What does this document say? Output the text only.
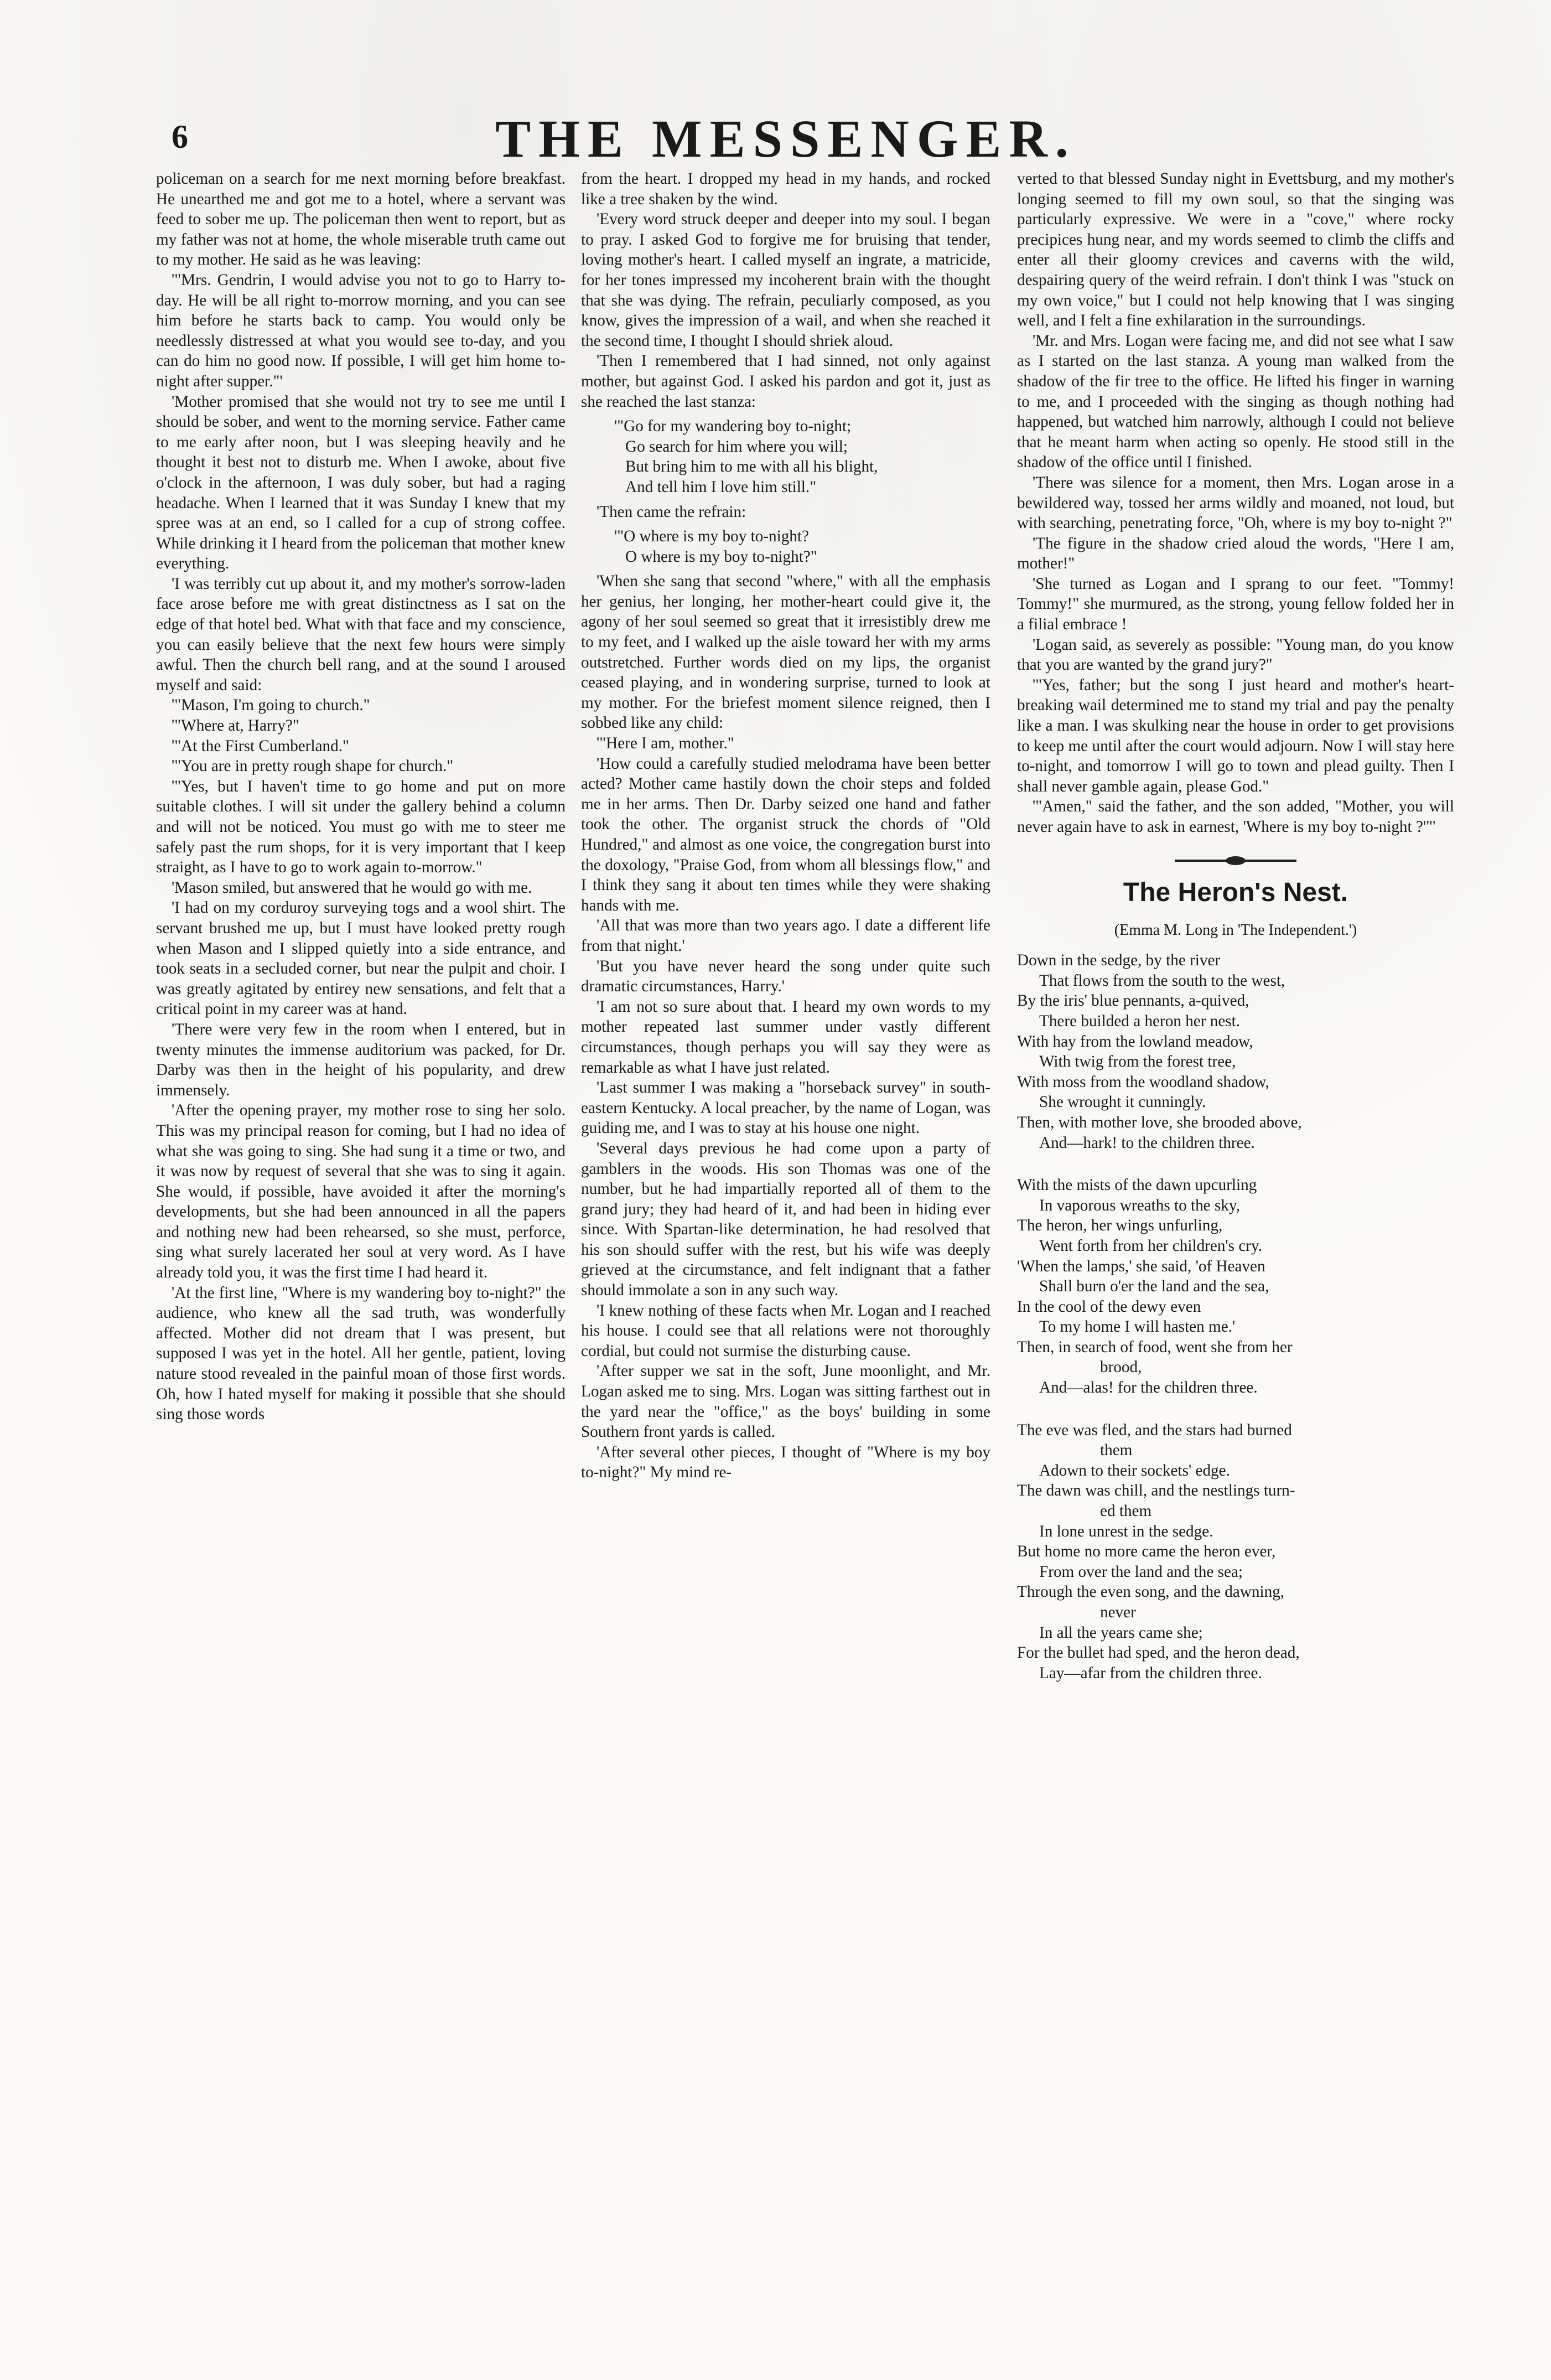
6	THE MESSENGER.

policeman on a search for me next morning before breakfast. He unearthed me and got me to a hotel, where a servant was feed to sober me up. The policeman then went to report, but as my father was not at home, the whole miserable truth came out to my mother. He said as he was leaving:

'"Mrs. Gendrin, I would advise you not to go to Harry to-day. He will be all right to-morrow morning, and you can see him before he starts back to camp. You would only be needlessly distressed at what you would see to-day, and you can do him no good now. If possible, I will get him home to-night after supper."'

'Mother promised that she would not try to see me until I should be sober, and went to the morning service. Father came to me early after noon, but I was sleeping heavily and he thought it best not to disturb me. When I awoke, about five o'clock in the afternoon, I was duly sober, but had a raging headache. When I learned that it was Sunday I knew that my spree was at an end, so I called for a cup of strong coffee. While drinking it I heard from the policeman that mother knew everything.

'I was terribly cut up about it, and my mother's sorrow-laden face arose before me with great distinctness as I sat on the edge of that hotel bed. What with that face and my conscience, you can easily believe that the next few hours were simply awful. Then the church bell rang, and at the sound I aroused myself and said:

'"Mason, I'm going to church."

'"Where at, Harry?"

'"At the First Cumberland."

'"You are in pretty rough shape for church."

'"Yes, but I haven't time to go home and put on more suitable clothes. I will sit under the gallery behind a column and will not be noticed. You must go with me to steer me safely past the rum shops, for it is very important that I keep straight, as I have to go to work again to-morrow."

'Mason smiled, but answered that he would go with me.

'I had on my corduroy surveying togs and a wool shirt. The servant brushed me up, but I must have looked pretty rough when Mason and I slipped quietly into a side entrance, and took seats in a secluded corner, but near the pulpit and choir. I was greatly agitated by entirey new sensations, and felt that a critical point in my career was at hand.

'There were very few in the room when I entered, but in twenty minutes the immense auditorium was packed, for Dr. Darby was then in the height of his popularity, and drew immensely.

'After the opening prayer, my mother rose to sing her solo. This was my principal reason for coming, but I had no idea of what she was going to sing. She had sung it a time or two, and it was now by request of several that she was to sing it again. She would, if possible, have avoided it after the morning's developments, but she had been announced in all the papers and nothing new had been rehearsed, so she must, perforce, sing what surely lacerated her soul at very word. As I have already told you, it was the first time I had heard it.

'At the first line, "Where is my wandering boy to-night?" the audience, who knew all the sad truth, was wonderfully affected. Mother did not dream that I was present, but supposed I was yet in the hotel. All her gentle, patient, loving nature stood revealed in the painful moan of those first words. Oh, how I hated myself for making it possible that she should sing those words

from the heart. I dropped my head in my hands, and rocked like a tree shaken by the wind.

'Every word struck deeper and deeper into my soul. I began to pray. I asked God to forgive me for bruising that tender, loving mother's heart. I called myself an ingrate, a matricide, for her tones impressed my incoherent brain with the thought that she was dying. The refrain, peculiarly composed, as you know, gives the impression of a wail, and when she reached it the second time, I thought I should shriek aloud.

'Then I remembered that I had sinned, not only against mother, but against God. I asked his pardon and got it, just as she reached the last stanza:

'"Go for my wandering boy to-night;
Go search for him where you will;
But bring him to me with all his blight,
And tell him I love him still."

'Then came the refrain:

'"O where is my boy to-night?
O where is my boy to-night?"

'When she sang that second "where," with all the emphasis her genius, her longing, her mother-heart could give it, the agony of her soul seemed so great that it irresistibly drew me to my feet, and I walked up the aisle toward her with my arms outstretched. Further words died on my lips, the organist ceased playing, and in wondering surprise, turned to look at my mother. For the briefest moment silence reigned, then I sobbed like any child:

'"Here I am, mother."

'How could a carefully studied melodrama have been better acted? Mother came hastily down the choir steps and folded me in her arms. Then Dr. Darby seized one hand and father took the other. The organist struck the chords of "Old Hundred," and almost as one voice, the congregation burst into the doxology, "Praise God, from whom all blessings flow," and I think they sang it about ten times while they were shaking hands with me.

'All that was more than two years ago. I date a different life from that night.'

'But you have never heard the song under quite such dramatic circumstances, Harry.'

'I am not so sure about that. I heard my own words to my mother repeated last summer under vastly different circumstances, though perhaps you will say they were as remarkable as what I have just related.

'Last summer I was making a "horseback survey" in south-eastern Kentucky. A local preacher, by the name of Logan, was guiding me, and I was to stay at his house one night.

'Several days previous he had come upon a party of gamblers in the woods. His son Thomas was one of the number, but he had impartially reported all of them to the grand jury; they had heard of it, and had been in hiding ever since. With Spartan-like determination, he had resolved that his son should suffer with the rest, but his wife was deeply grieved at the circumstance, and felt indignant that a father should immolate a son in any such way.

'I knew nothing of these facts when Mr. Logan and I reached his house. I could see that all relations were not thoroughly cordial, but could not surmise the disturbing cause.

'After supper we sat in the soft, June moonlight, and Mr. Logan asked me to sing. Mrs. Logan was sitting farthest out in the yard near the "office," as the boys' building in some Southern front yards is called.

'After several other pieces, I thought of "Where is my boy to-night?" My mind re-

verted to that blessed Sunday night in Evettsburg, and my mother's longing seemed to fill my own soul, so that the singing was particularly expressive. We were in a "cove," where rocky precipices hung near, and my words seemed to climb the cliffs and enter all their gloomy crevices and caverns with the wild, despairing query of the weird refrain. I don't think I was "stuck on my own voice," but I could not help knowing that I was singing well, and I felt a fine exhilaration in the surroundings.

'Mr. and Mrs. Logan were facing me, and did not see what I saw as I started on the last stanza. A young man walked from the shadow of the fir tree to the office. He lifted his finger in warning to me, and I proceeded with the singing as though nothing had happened, but watched him narrowly, although I could not believe that he meant harm when acting so openly. He stood still in the shadow of the office until I finished.

'There was silence for a moment, then Mrs. Logan arose in a bewildered way, tossed her arms wildly and moaned, not loud, but with searching, penetrating force, "Oh, where is my boy to-night ?"

'The figure in the shadow cried aloud the words, "Here I am, mother!"

'She turned as Logan and I sprang to our feet. "Tommy! Tommy!" she murmured, as the strong, young fellow folded her in a filial embrace !

'Logan said, as severely as possible: "Young man, do you know that you are wanted by the grand jury?"

'"Yes, father; but the song I just heard and mother's heart-breaking wail determined me to stand my trial and pay the penalty like a man. I was skulking near the house in order to get provisions to keep me until after the court would adjourn. Now I will stay here to-night, and tomorrow I will go to town and plead guilty. Then I shall never gamble again, please God."

'"Amen," said the father, and the son added, "Mother, you will never again have to ask in earnest, 'Where is my boy to-night ?'"'

The Heron's Nest.
(Emma M. Long in 'The Independent.')
Down in the sedge, by the river
That flows from the south to the west,
By the iris' blue pennants, a-quived,
There builded a heron her nest.
With hay from the lowland meadow,
With twig from the forest tree,
With moss from the woodland shadow,
She wrought it cunningly.
Then, with mother love, she brooded above,
And—hark! to the children three.
With the mists of the dawn upcurling
In vaporous wreaths to the sky,
The heron, her wings unfurling,
Went forth from her children's cry.
'When the lamps,' she said, 'of Heaven
Shall burn o'er the land and the sea,
In the cool of the dewy even
To my home I will hasten me.'
Then, in search of food, went she from her
brood,
And—alas! for the children three.
The eve was fled, and the stars had burned
them
Adown to their sockets' edge.
The dawn was chill, and the nestlings turn-
ed them
In lone unrest in the sedge.
But home no more came the heron ever,
From over the land and the sea;
Through the even song, and the dawning,
never
In all the years came she;
For the bullet had sped, and the heron dead,
Lay—afar from the children three.
